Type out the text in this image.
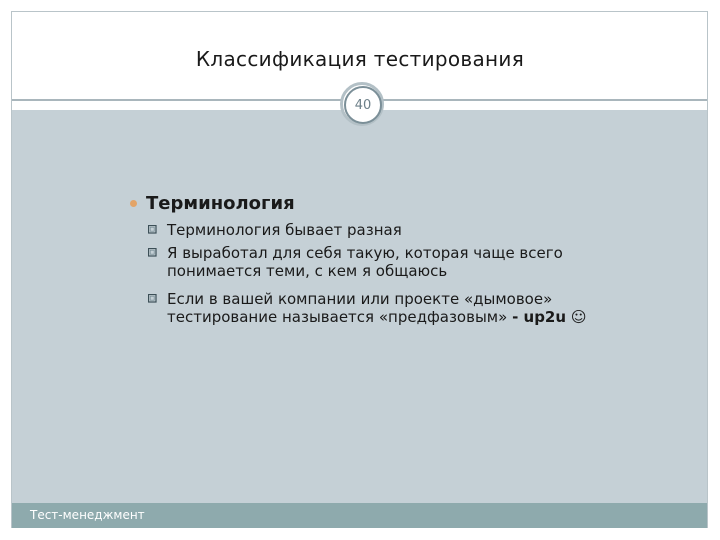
Классификация тестирования
40
Терминология
Терминология бывает разная
Я выработал для себя такую, которая чаще всего понимается теми, с кем я общаюсь
Если в вашей компании или проекте «дымовое» тестирование называется «предфазовым» - up2u ☺
Тест-менеджмент
